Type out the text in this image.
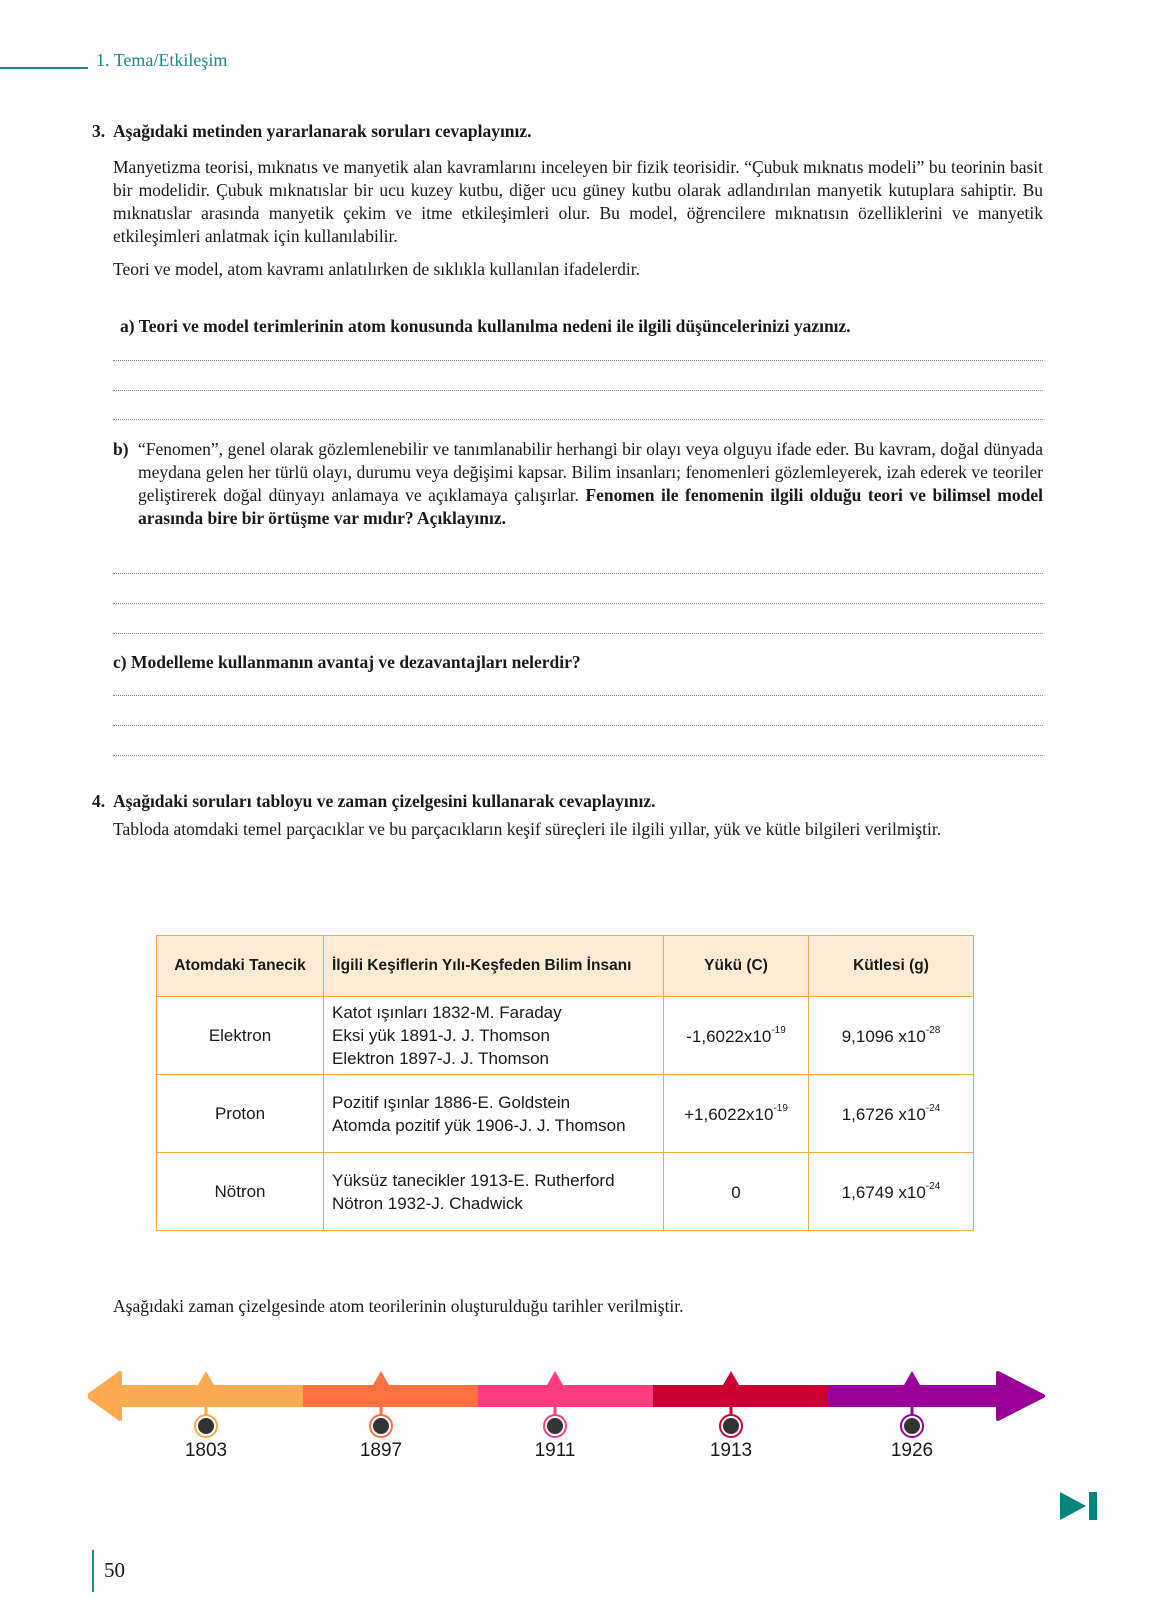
1. Tema/Etkileşim
3. Aşağıdaki metinden yararlanarak soruları cevaplayınız.
Manyetizma teorisi, mıknatıs ve manyetik alan kavramlarını inceleyen bir fizik teorisidir. “Çubuk mıknatıs modeli” bu teorinin basit bir modelidir. Çubuk mıknatıslar bir ucu kuzey kutbu, diğer ucu güney kutbu olarak adlandırılan manyetik kutuplara sahiptir. Bu mıknatıslar arasında manyetik çekim ve itme etkileşimleri olur. Bu model, öğrencilere mıknatısın özelliklerini ve manyetik etkileşimleri anlatmak için kullanılabilir.
Teori ve model, atom kavramı anlatılırken de sıklıkla kullanılan ifadelerdir.
a) Teori ve model terimlerinin atom konusunda kullanılma nedeni ile ilgili düşüncelerinizi yazınız.
b) “Fenomen”, genel olarak gözlemlenebilir ve tanımlanabilir herhangi bir olayı veya olguyu ifade eder. Bu kavram, doğal dünyada meydana gelen her türlü olayı, durumu veya değişimi kapsar. Bilim insanları; fenomenleri gözlemleyerek, izah ederek ve teoriler geliştirerek doğal dünyayı anlamaya ve açıklamaya çalışırlar. Fenomen ile fenomenin ilgili olduğu teori ve bilimsel model arasında bire bir örtüşme var mıdır? Açıklayınız.
c) Modelleme kullanmanın avantaj ve dezavantajları nelerdir?
4. Aşağıdaki soruları tabloyu ve zaman çizelgesini kullanarak cevaplayınız.
Tabloda atomdaki temel parçacıklar ve bu parçacıkların keşif süreçleri ile ilgili yıllar, yük ve kütle bilgileri verilmiştir.
Atomdaki Tanecik	İlgili Keşiflerin Yılı-Keşfeden Bilim İnsanı	Yükü (C)	Kütlesi (g)
Elektron	Katot ışınları 1832-M. Faraday
Eksi yük 1891-J. J. Thomson
Elektron 1897-J. J. Thomson	$-1,6022x10^{-19}$	9,1096 $x10^{-28}$
Proton	Pozitif ışınlar 1886-E. Goldstein
Atomda pozitif yük 1906-J. J. Thomson	$+1,6022x10^{-19}$	1,6726 $x10^{-24}$
Nötron	Yüksüz tanecikler 1913-E. Rutherford
Nötron 1932-J. Chadwick	0	1,6749 $x10^{-24}$
Aşağıdaki zaman çizelgesinde atom teorilerinin oluşturulduğu tarihler verilmiştir.
1803	1897	1911	1913	1926
50
